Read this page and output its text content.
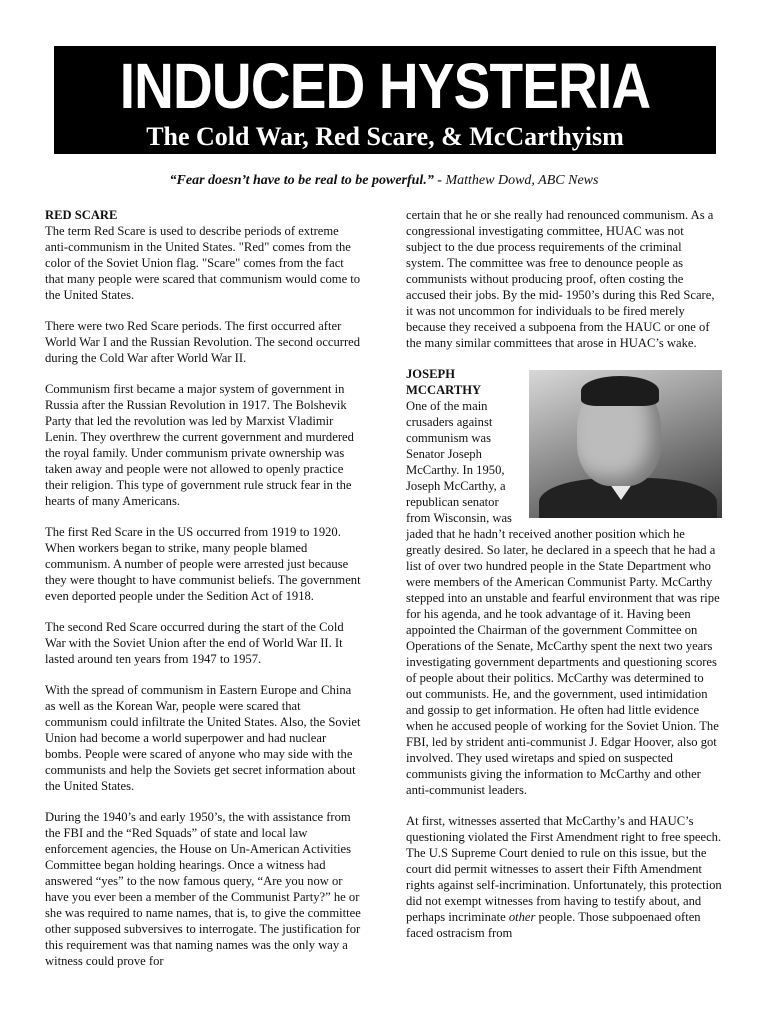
INDUCED HYSTERIA
The Cold War, Red Scare, & McCarthyism
“Fear doesn’t have to be real to be powerful.” - Matthew Dowd, ABC News

RED SCARE
The term Red Scare is used to describe periods of extreme anti-communism in the United States. "Red" comes from the color of the Soviet Union flag. "Scare" comes from the fact that many people were scared that communism would come to the United States.

There were two Red Scare periods. The first occurred after World War I and the Russian Revolution. The second occurred during the Cold War after World War II.

Communism first became a major system of government in Russia after the Russian Revolution in 1917. The Bolshevik Party that led the revolution was led by Marxist Vladimir Lenin. They overthrew the current government and murdered the royal family. Under communism private ownership was taken away and people were not allowed to openly practice their religion. This type of government rule struck fear in the hearts of many Americans.

The first Red Scare in the US occurred from 1919 to 1920. When workers began to strike, many people blamed communism. A number of people were arrested just because they were thought to have communist beliefs. The government even deported people under the Sedition Act of 1918.

The second Red Scare occurred during the start of the Cold War with the Soviet Union after the end of World War II. It lasted around ten years from 1947 to 1957.

With the spread of communism in Eastern Europe and China as well as the Korean War, people were scared that communism could infiltrate the United States. Also, the Soviet Union had become a world superpower and had nuclear bombs. People were scared of anyone who may side with the communists and help the Soviets get secret information about the United States.

During the 1940’s and early 1950’s, the with assistance from the FBI and the “Red Squads” of state and local law enforcement agencies, the House on Un-American Activities Committee began holding hearings. Once a witness had answered “yes” to the now famous query, “Are you now or have you ever been a member of the Communist Party?” he or she was required to name names, that is, to give the committee other supposed subversives to interrogate. The justification for this requirement was that naming names was the only way a witness could prove for

certain that he or she really had renounced communism. As a congressional investigating committee, HUAC was not subject to the due process requirements of the criminal system. The committee was free to denounce people as communists without producing proof, often costing the accused their jobs. By the mid- 1950’s during this Red Scare, it was not uncommon for individuals to be fired merely because they received a subpoena from the HAUC or one of the many similar committees that arose in HUAC’s wake.

JOSEPH MCCARTHY
One of the main crusaders against communism was Senator Joseph McCarthy. In 1950, Joseph McCarthy, a republican senator from Wisconsin, was jaded that he hadn’t received another position which he greatly desired. So later, he declared in a speech that he had a list of over two hundred people in the State Department who were members of the American Communist Party. McCarthy stepped into an unstable and fearful environment that was ripe for his agenda, and he took advantage of it. Having been appointed the Chairman of the government Committee on Operations of the Senate, McCarthy spent the next two years investigating government departments and questioning scores of people about their politics. McCarthy was determined to out communists. He, and the government, used intimidation and gossip to get information. He often had little evidence when he accused people of working for the Soviet Union. The FBI, led by strident anti-communist J. Edgar Hoover, also got involved. They used wiretaps and spied on suspected communists giving the information to McCarthy and other anti-communist leaders.

At first, witnesses asserted that McCarthy’s and HAUC’s questioning violated the First Amendment right to free speech. The U.S Supreme Court denied to rule on this issue, but the court did permit witnesses to assert their Fifth Amendment rights against self-incrimination. Unfortunately, this protection did not exempt witnesses from having to testify about, and perhaps incriminate other people. Those subpoenaed often faced ostracism from
